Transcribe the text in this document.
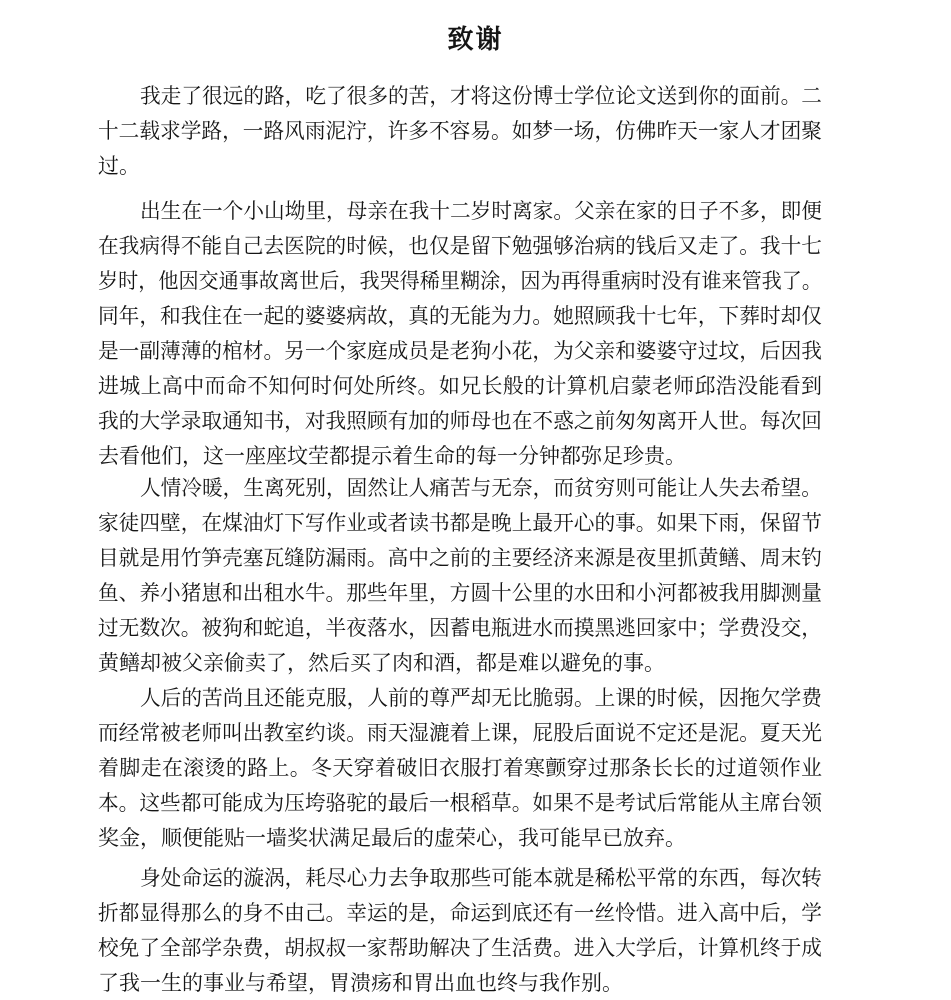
致谢
我走了很远的路，吃了很多的苦，才将这份博士学位论文送到你的面前。二
十二载求学路，一路风雨泥泞，许多不容易。如梦一场，仿佛昨天一家人才团聚
过。
出生在一个小山坳里，母亲在我十二岁时离家。父亲在家的日子不多，即便
在我病得不能自己去医院的时候，也仅是留下勉强够治病的钱后又走了。我十七
岁时，他因交通事故离世后，我哭得稀里糊涂，因为再得重病时没有谁来管我了。
同年，和我住在一起的婆婆病故，真的无能为力。她照顾我十七年，下葬时却仅
是一副薄薄的棺材。另一个家庭成员是老狗小花，为父亲和婆婆守过坟，后因我
进城上高中而命不知何时何处所终。如兄长般的计算机启蒙老师邱浩没能看到
我的大学录取通知书，对我照顾有加的师母也在不惑之前匆匆离开人世。每次回
去看他们，这一座座坟茔都提示着生命的每一分钟都弥足珍贵。
人情冷暖，生离死别，固然让人痛苦与无奈，而贫穷则可能让人失去希望。
家徒四壁，在煤油灯下写作业或者读书都是晚上最开心的事。如果下雨，保留节
目就是用竹笋壳塞瓦缝防漏雨。高中之前的主要经济来源是夜里抓黄鳝、周末钓
鱼、养小猪崽和出租水牛。那些年里，方圆十公里的水田和小河都被我用脚测量
过无数次。被狗和蛇追，半夜落水，因蓄电瓶进水而摸黑逃回家中；学费没交，
黄鳝却被父亲偷卖了，然后买了肉和酒，都是难以避免的事。
人后的苦尚且还能克服，人前的尊严却无比脆弱。上课的时候，因拖欠学费
而经常被老师叫出教室约谈。雨天湿漉着上课，屁股后面说不定还是泥。夏天光
着脚走在滚烫的路上。冬天穿着破旧衣服打着寒颤穿过那条长长的过道领作业
本。这些都可能成为压垮骆驼的最后一根稻草。如果不是考试后常能从主席台领
奖金，顺便能贴一墙奖状满足最后的虚荣心，我可能早已放弃。
身处命运的漩涡，耗尽心力去争取那些可能本就是稀松平常的东西，每次转
折都显得那么的身不由己。幸运的是，命运到底还有一丝怜惜。进入高中后，学
校免了全部学杂费，胡叔叔一家帮助解决了生活费。进入大学后，计算机终于成
了我一生的事业与希望，胃溃疡和胃出血也终与我作别。
